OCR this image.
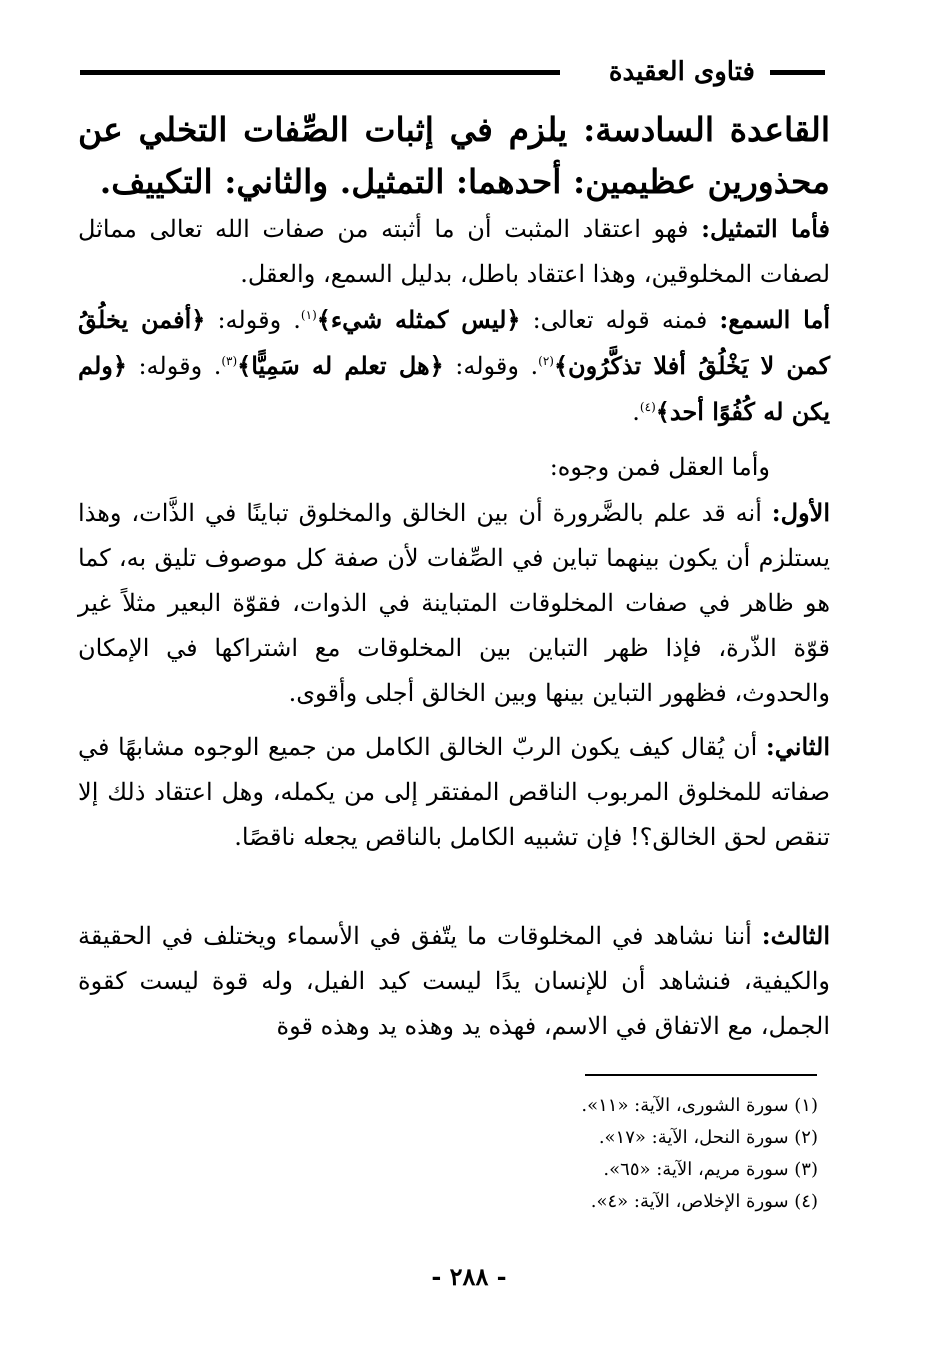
فتاوى العقيدة
القاعدة السادسة: يلزم في إثبات الصِّفات التخلي عن محذورين عظيمين: أحدهما: التمثيل. والثاني: التكييف.

فأما التمثيل: فهو اعتقاد المثبت أن ما أثبته من صفات الله تعالى مماثل لصفات المخلوقين، وهذا اعتقاد باطل، بدليل السمع، والعقل.

أما السمع: فمنه قوله تعالى: ﴿ليس كمثله شيء﴾$^{(١)}$. وقوله: ﴿أفمن يخلُقُ كمن لا يَخْلُقُ أفلا تذكَّرُون﴾$^{(٢)}$. وقوله: ﴿هل تعلم له سَمِيًّا﴾$^{(٣)}$. وقوله: ﴿ولم يكن له كُفُوًا أحد﴾$^{(٤)}$.

وأما العقل فمن وجوه:

الأول: أنه قد علم بالضَّرورة أن بين الخالق والمخلوق تباينًا في الذَّات، وهذا يستلزم أن يكون بينهما تباين في الصِّفات لأن صفة كل موصوف تليق به، كما هو ظاهر في صفات المخلوقات المتباينة في الذوات، فقوّة البعير مثلاً غير قوّة الذّرة، فإذا ظهر التباين بين المخلوقات مع اشتراكها في الإمكان والحدوث، فظهور التباين بينها وبين الخالق أجلى وأقوى.

الثاني: أن يُقال كيف يكون الربّ الخالق الكامل من جميع الوجوه مشابهًا في صفاته للمخلوق المربوب الناقص المفتقر إلى من يكمله، وهل اعتقاد ذلك إلا تنقص لحق الخالق؟! فإن تشبيه الكامل بالناقص يجعله ناقصًا.

الثالث: أننا نشاهد في المخلوقات ما يتّفق في الأسماء ويختلف في الحقيقة والكيفية، فنشاهد أن للإنسان يدًا ليست كيد الفيل، وله قوة ليست كقوة الجمل، مع الاتفاق في الاسم، فهذه يد وهذه يد وهذه قوة

(١) سورة الشورى، الآية: «١١».
(٢) سورة النحل، الآية: «١٧».
(٣) سورة مريم، الآية: «٦٥».
(٤) سورة الإخلاص، الآية: «٤».
- ٢٨٨ -
